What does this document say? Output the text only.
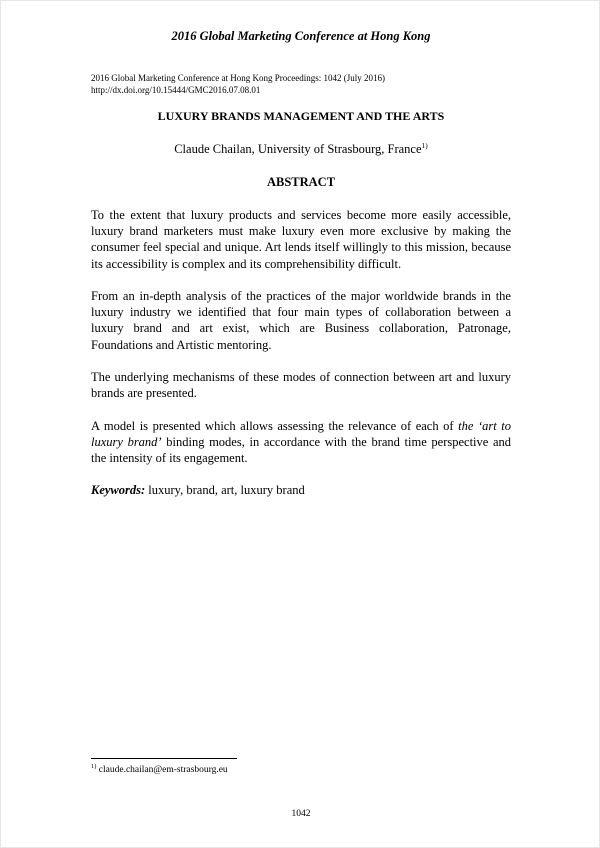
2016 Global Marketing Conference at Hong Kong
2016 Global Marketing Conference at Hong Kong Proceedings: 1042 (July 2016)
http://dx.doi.org/10.15444/GMC2016.07.08.01
LUXURY BRANDS MANAGEMENT AND THE ARTS
Claude Chailan, University of Strasbourg, France$^{1)}$
ABSTRACT

To the extent that luxury products and services become more easily accessible, luxury brand marketers must make luxury even more exclusive by making the consumer feel special and unique. Art lends itself willingly to this mission, because its accessibility is complex and its comprehensibility difficult.

From an in-depth analysis of the practices of the major worldwide brands in the luxury industry we identified that four main types of collaboration between a luxury brand and art exist, which are Business collaboration, Patronage, Foundations and Artistic mentoring.

The underlying mechanisms of these modes of connection between art and luxury brands are presented.

A model is presented which allows assessing the relevance of each of the ‘art to luxury brand’ binding modes, in accordance with the brand time perspective and the intensity of its engagement.

Keywords: luxury, brand, art, luxury brand

$^{1)}$ claude.chailan@em-strasbourg.eu
1042
